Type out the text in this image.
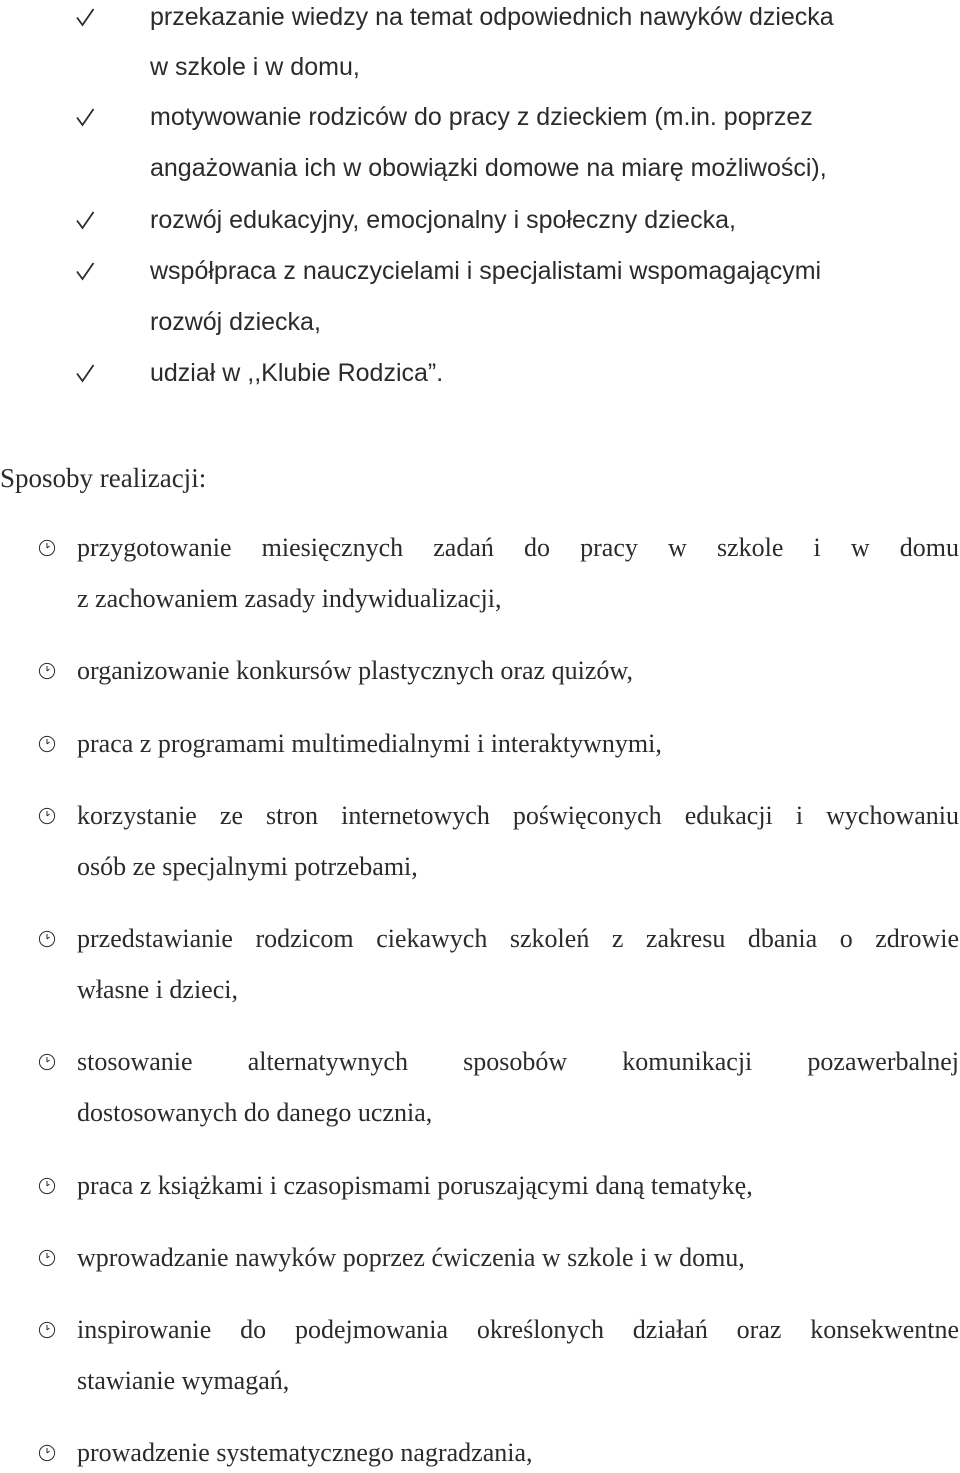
przekazanie wiedzy na temat odpowiednich nawyków dziecka
w szkole i w domu,
motywowanie rodziców do pracy z dzieckiem (m.in. poprzez
angażowania ich w obowiązki domowe na miarę możliwości),
rozwój edukacyjny, emocjonalny i społeczny dziecka,
współpraca z nauczycielami i specjalistami wspomagającymi
rozwój dziecka,
udział w ,,Klubie Rodzica”.
Sposoby realizacji:
przygotowanie miesięcznych zadań do pracy w szkole i w domu
z zachowaniem zasady indywidualizacji,
organizowanie konkursów plastycznych oraz quizów,
praca z programami multimedialnymi i interaktywnymi,
korzystanie ze stron internetowych poświęconych edukacji i wychowaniu
osób ze specjalnymi potrzebami,
przedstawianie rodzicom ciekawych szkoleń z zakresu dbania o zdrowie
własne i dzieci,
stosowanie alternatywnych sposobów komunikacji pozawerbalnej
dostosowanych do danego ucznia,
praca z książkami i czasopismami poruszającymi daną tematykę,
wprowadzanie nawyków poprzez ćwiczenia w szkole i w domu,
inspirowanie do podejmowania określonych działań oraz konsekwentne
stawianie wymagań,
prowadzenie systematycznego nagradzania,
